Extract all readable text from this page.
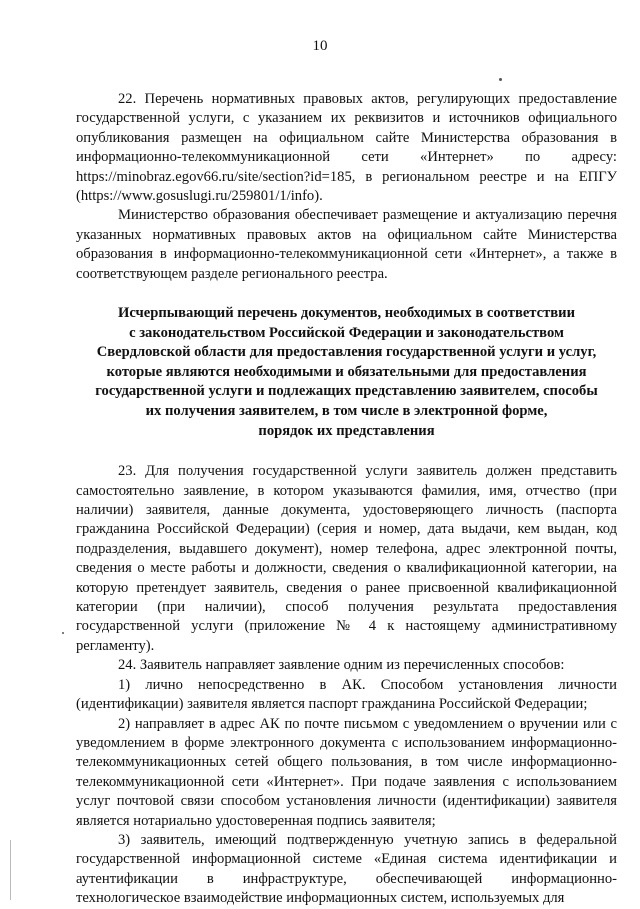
10

22. Перечень нормативных правовых актов, регулирующих предоставление государственной услуги, с указанием их реквизитов и источников официального опубликования размещен на официальном сайте Министерства образования в информационно-телекоммуникационной сети «Интернет» по адресу: https://minobraz.egov66.ru/site/section?id=185, в региональном реестре и на ЕПГУ (https://www.gosuslugi.ru/259801/1/info).

Министерство образования обеспечивает размещение и актуализацию перечня указанных нормативных правовых актов на официальном сайте Министерства образования в информационно-телекоммуникационной сети «Интернет», а также в соответствующем разделе регионального реестра.

Исчерпывающий перечень документов, необходимых в соответствии
с законодательством Российской Федерации и законодательством
Свердловской области для предоставления государственной услуги и услуг,
которые являются необходимыми и обязательными для предоставления
государственной услуги и подлежащих представлению заявителем, способы
их получения заявителем, в том числе в электронной форме,
порядок их представления

23. Для получения государственной услуги заявитель должен представить самостоятельно заявление, в котором указываются фамилия, имя, отчество (при наличии) заявителя, данные документа, удостоверяющего личность (паспорта гражданина Российской Федерации) (серия и номер, дата выдачи, кем выдан, код подразделения, выдавшего документ), номер телефона, адрес электронной почты, сведения о месте работы и должности, сведения о квалификационной категории, на которую претендует заявитель, сведения о ранее присвоенной квалификационной категории (при наличии), способ получения результата предоставления государственной услуги (приложение № 4 к настоящему административному регламенту).

24. Заявитель направляет заявление одним из перечисленных способов:

1) лично непосредственно в АК. Способом установления личности (идентификации) заявителя является паспорт гражданина Российской Федерации;

2) направляет в адрес АК по почте письмом с уведомлением о вручении или с уведомлением в форме электронного документа с использованием информационно-телекоммуникационных сетей общего пользования, в том числе информационно-телекоммуникационной сети «Интернет». При подаче заявления с использованием услуг почтовой связи способом установления личности (идентификации) заявителя является нотариально удостоверенная подпись заявителя;

3) заявитель, имеющий подтвержденную учетную запись в федеральной государственной информационной системе «Единая система идентификации и аутентификации в инфраструктуре, обеспечивающей информационно-технологическое взаимодействие информационных систем, используемых для
